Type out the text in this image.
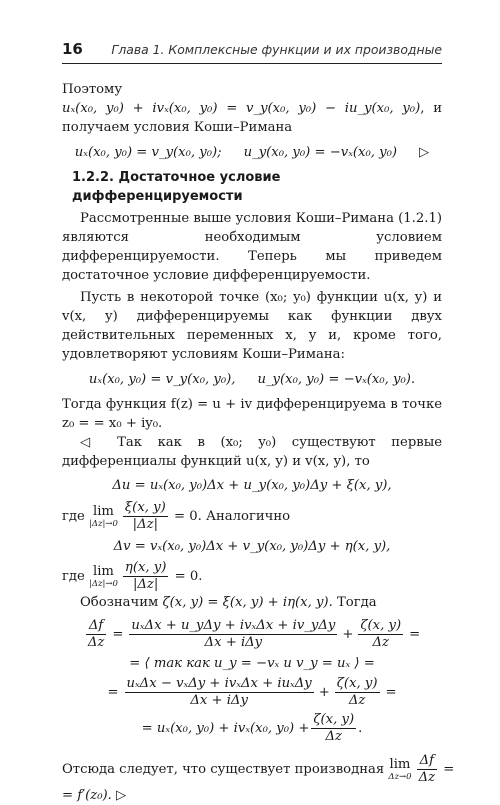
16	Глава 1. Комплексные функции и их производные

Поэтому uₓ(x₀, y₀) + ivₓ(x₀, y₀) = v_y(x₀, y₀) − iu_y(x₀, y₀), и получаем условия Коши–Римана

uₓ(x₀, y₀) = v_y(x₀, y₀); u_y(x₀, y₀) = −vₓ(x₀, y₀) ▷
1.2.2. Достаточное условие дифференцируемости

Рассмотренные выше условия Коши–Римана (1.2.1) являются необходимым условием дифференцируемости. Теперь мы приведем достаточное условие дифференцируемости.

Пусть в некоторой точке (x₀; y₀) функции u(x, y) и v(x, y) дифференцируемы как функции двух действительных переменных x, y и, кроме того, удовлетворяют условиям Коши–Римана:

uₓ(x₀, y₀) = v_y(x₀, y₀), u_y(x₀, y₀) = −vₓ(x₀, y₀).

Тогда функция f(z) = u + iv дифференцируема в точке z₀ = = x₀ + iy₀.

◁ Так как в (x₀; y₀) существуют первые дифференциалы функций u(x, y) и v(x, y), то

Δu = uₓ(x₀, y₀)Δx + u_y(x₀, y₀)Δy + ξ(x, y),
где lim
$|\Delta z|\to 0 \frac{\xi(x, y)}{|\Delta z|} = 0$. Аналогично
Δv = vₓ(x₀, y₀)Δx + v_y(x₀, y₀)Δy + η(x, y),
где lim
$|\Delta z|\to 0 \frac{\eta(x, y)}{|\Delta z|} = 0$.

Обозначим ζ(x, y) = ξ(x, y) + iη(x, y). Тогда

$\frac{\Delta f}{\Delta z} = \frac{\text{uₓΔx + u\_yΔy + ivₓΔx + iv\_yΔy}}{\text{Δx + iΔy}} + \frac{\zeta(x, y)}{\Delta z}$ =
= ⟨ так как u_y = −vₓ и v_y = uₓ ⟩ =
= $\frac{\text{uₓΔx − vₓΔy + ivₓΔx + iuₓΔy}}{\text{Δx + iΔy}} + \frac{\zeta(x, y)}{\Delta z}$ =
= uₓ(x₀, y₀) + ivₓ(x₀, $y_0) + \frac{\zeta(x, y)}{\Delta z}$ .

Отсюда следует, что существует производная lim
$\Delta z\to 0 \frac{\Delta f}{\Delta z}$ =

= f′(z₀). ▷
